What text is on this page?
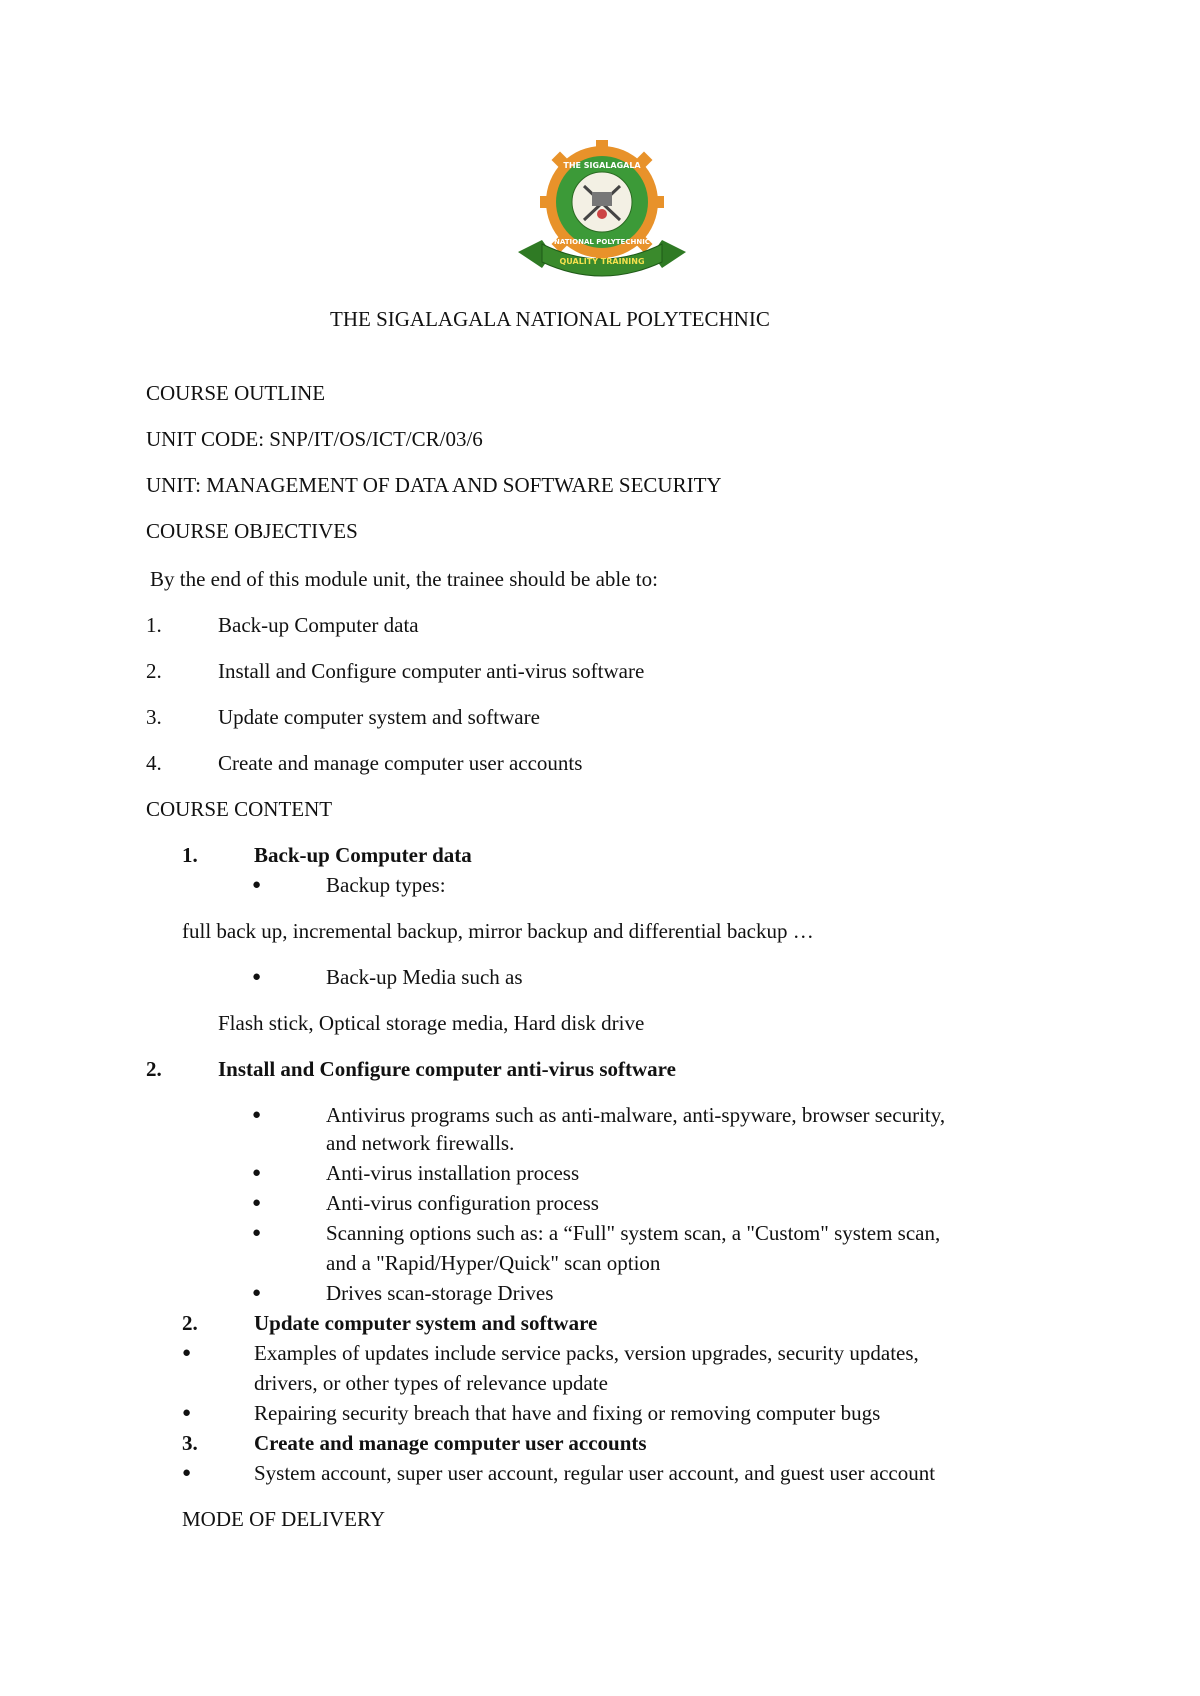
QUALITY TRAINING
THE SIGALAGALA
NATIONAL POLYTECHNIC

THE SIGALAGALA NATIONAL POLYTECHNIC

COURSE OUTLINE

UNIT CODE: SNP/IT/OS/ICT/CR/03/6

UNIT: MANAGEMENT OF DATA AND SOFTWARE SECURITY

COURSE OBJECTIVES

By the end of this module unit, the trainee should be able to:

1.	Back-up Computer data

2.	Install and Configure computer anti-virus software

3.	Update computer system and software

4.	Create and manage computer user accounts

COURSE CONTENT

1.	Back-up Computer data

●	Backup types:

full back up, incremental backup, mirror backup and differential backup …

●	Back-up Media such as

Flash stick, Optical storage media, Hard disk drive

2.	Install and Configure computer anti-virus software

●	Antivirus programs such as anti-malware, anti-spyware, browser security,

and network firewalls.

●	Anti-virus installation process

●	Anti-virus configuration process

●	Scanning options such as: a “Full" system scan, a "Custom" system scan,

and a "Rapid/Hyper/Quick" scan option

●	Drives scan-storage Drives

2.	Update computer system and software

●	Examples of updates include service packs, version upgrades, security updates,

drivers, or other types of relevance update

●	Repairing security breach that have and fixing or removing computer bugs

3.	Create and manage computer user accounts

●	System account, super user account, regular user account, and guest user account

MODE OF DELIVERY
